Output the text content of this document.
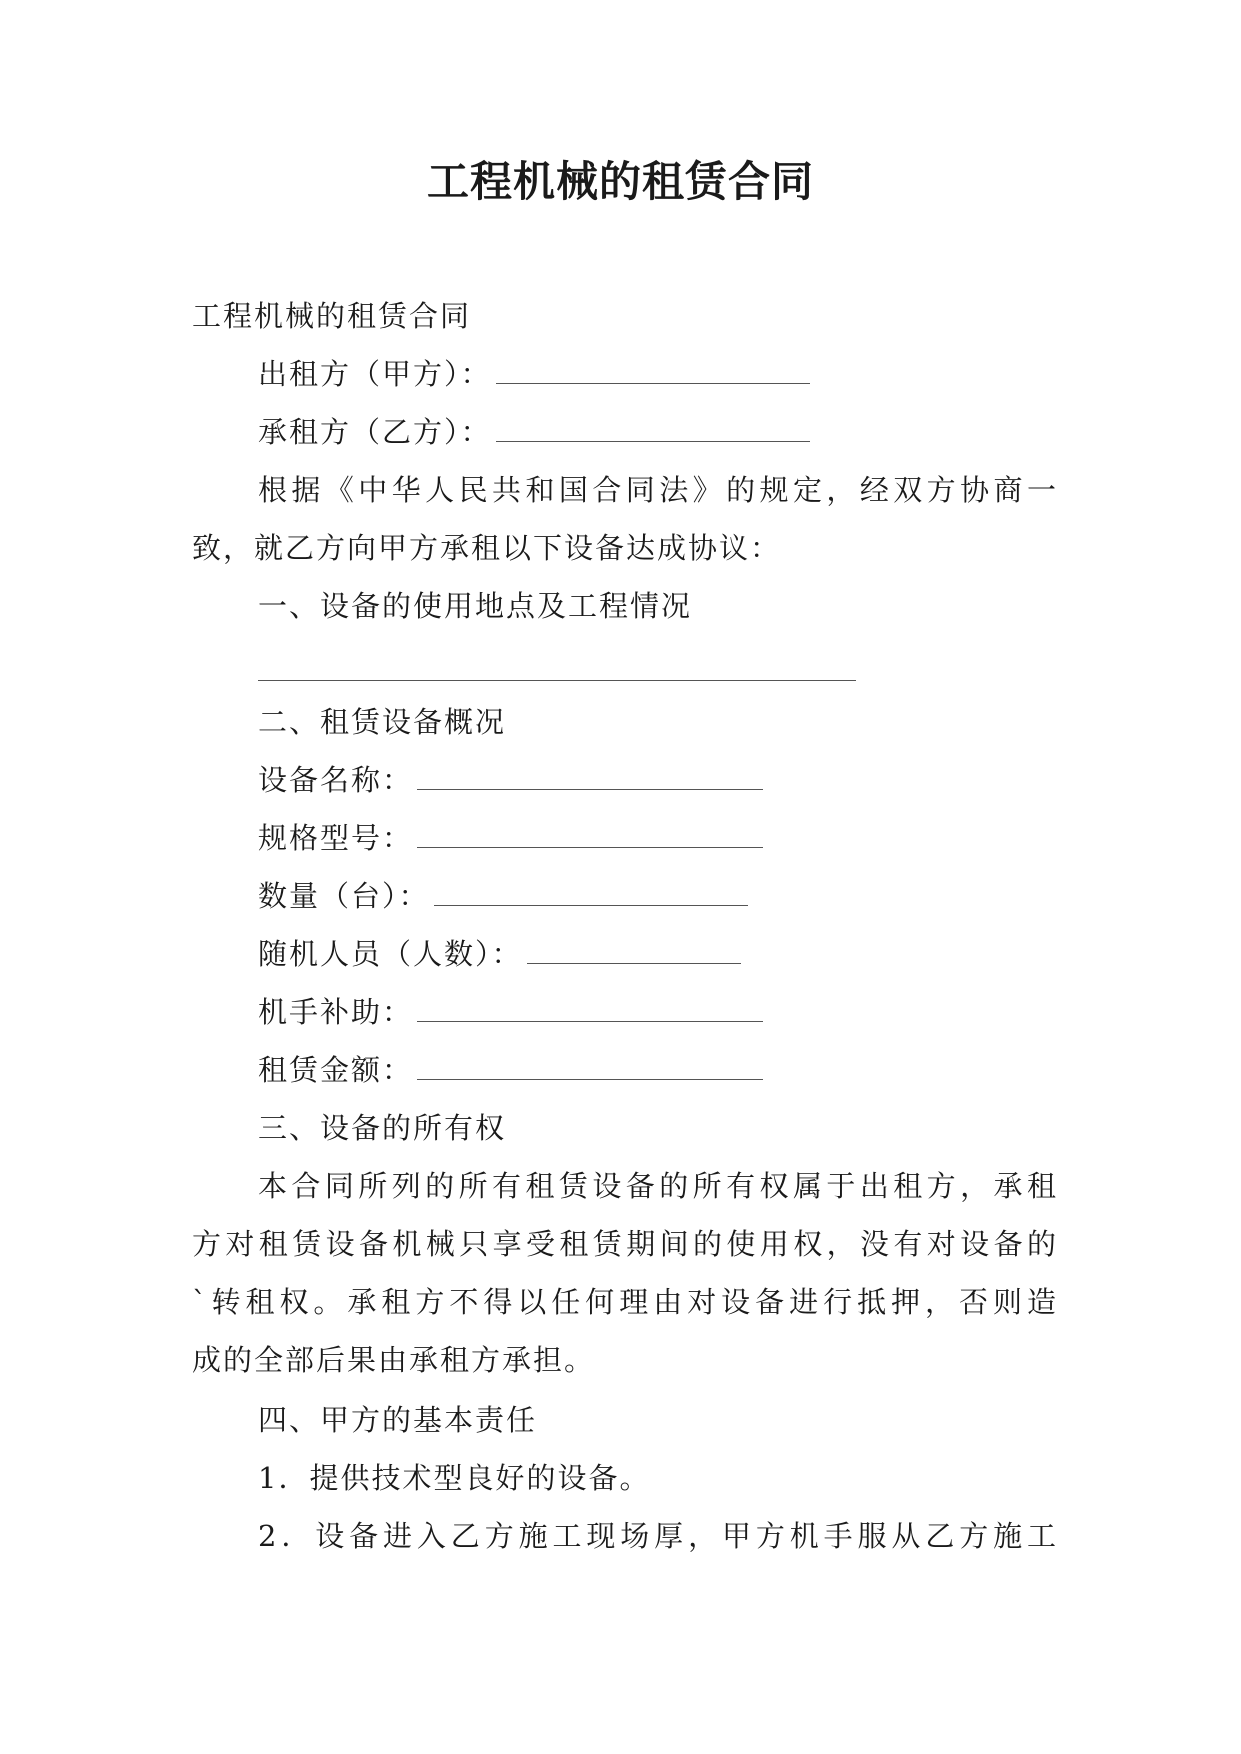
工程机械的租赁合同
工程机械的租赁合同
出租方（甲方）：
承租方（乙方）：
根据《中华人民共和国合同法》的规定，经双方协商一
致，就乙方向甲方承租以下设备达成协议：
一、设备的使用地点及工程情况
二、租赁设备概况
设备名称：
规格型号：
数量（台）：
随机人员（人数）：
机手补助：
租赁金额：
三、设备的所有权
本合同所列的所有租赁设备的所有权属于出租方，承租
方对租赁设备机械只享受租赁期间的使用权，没有对设备的
`转租权。承租方不得以任何理由对设备进行抵押，否则造
成的全部后果由承租方承担。
四、甲方的基本责任
1．提供技术型良好的设备。
2．设备进入乙方施工现场厚，甲方机手服从乙方施工
